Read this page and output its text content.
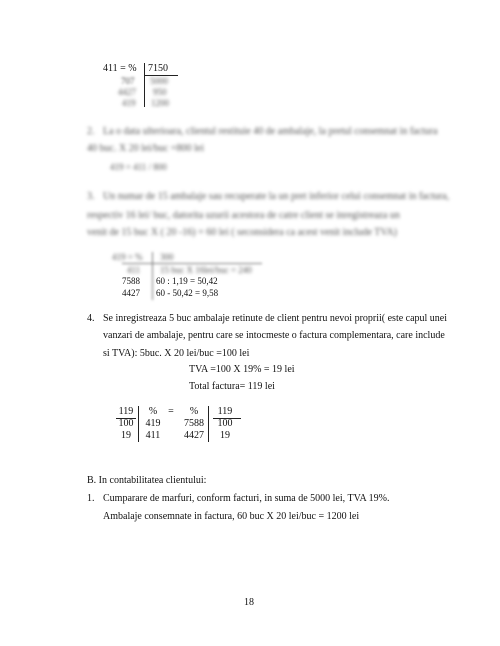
411 = % 7150
707 5000
4427 950
419 1200
2. La o data ulterioara, clientul restituie 40 de ambalaje, la pretul consemnat in factura
40 buc. X 20 lei/buc =800 lei
419 = 411 / 800
3. Un numar de 15 ambalaje sau recuperate la un pret inferior celui consemnat in factura,
respectiv 16 lei/ buc, datorita uzurii acestora de catre client se inregistreaza un
venit de 15 buc X ( 20 -16) = 60 lei ( seconsidera ca acest venit include TVA)
419 = % 300
411 15 buc X 16lei/buc = 240
7588 60 : 1,19 = 50,42
4427 60 - 50,42 = 9,58
4. Se inregistreaza 5 buc ambalaje retinute de client pentru nevoi proprii( este capul unei
vanzari de ambalaje, pentru care se intocmeste o factura complementara, care include
si TVA): 5buc. X 20 lei/buc =100 lei
TVA =100 X 19% = 19 lei
Total factura= 119 lei
119
100
19
%
419
411
=	%
7588
4427
119
100
19
B. In contabilitatea clientului:
1. Cumparare de marfuri, conform facturi, in suma de 5000 lei, TVA 19%.
Ambalaje consemnate in factura, 60 buc X 20 lei/buc = 1200 lei
18
